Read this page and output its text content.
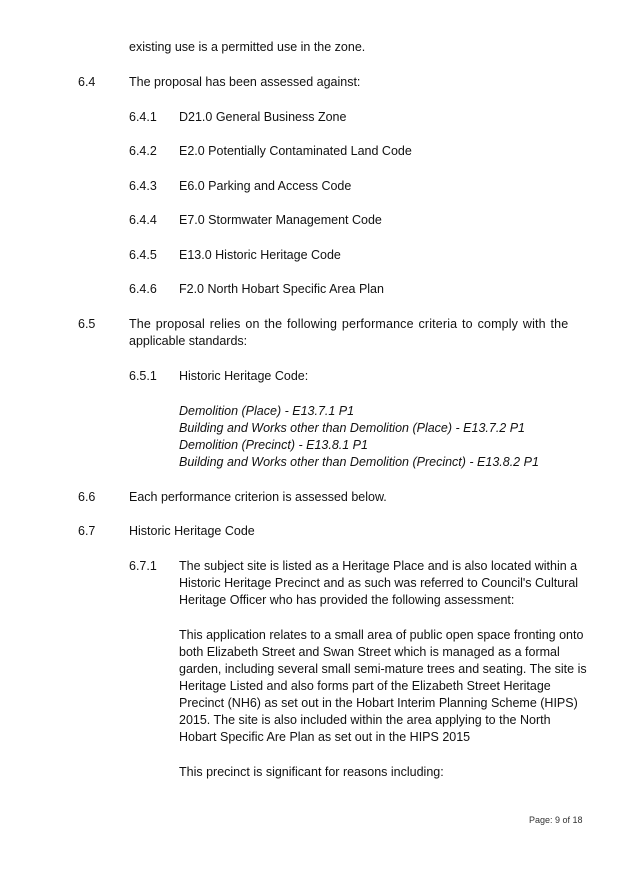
existing use is a permitted use in the zone.
6.4	The proposal has been assessed against:
6.4.1 D21.0 General Business Zone
6.4.2 E2.0 Potentially Contaminated Land Code
6.4.3 E6.0 Parking and Access Code
6.4.4 E7.0 Stormwater Management Code
6.4.5 E13.0 Historic Heritage Code
6.4.6 F2.0 North Hobart Specific Area Plan
6.5	The proposal relies on the following performance criteria to comply with the
applicable standards:
6.5.1 Historic Heritage Code:
Demolition (Place) - E13.7.1 P1
Building and Works other than Demolition (Place) - E13.7.2 P1
Demolition (Precinct) - E13.8.1 P1
Building and Works other than Demolition (Precinct) - E13.8.2 P1
6.6	Each performance criterion is assessed below.
6.7	Historic Heritage Code
6.7.1 The subject site is listed as a Heritage Place and is also located within a
Historic Heritage Precinct and as such was referred to Council's Cultural
Heritage Officer who has provided the following assessment:
This application relates to a small area of public open space fronting onto
both Elizabeth Street and Swan Street which is managed as a formal
garden, including several small semi-mature trees and seating. The site is
Heritage Listed and also forms part of the Elizabeth Street Heritage
Precinct (NH6) as set out in the Hobart Interim Planning Scheme (HIPS)
2015. The site is also included within the area applying to the North
Hobart Specific Are Plan as set out in the HIPS 2015
This precinct is significant for reasons including:
Page: 9 of 18
